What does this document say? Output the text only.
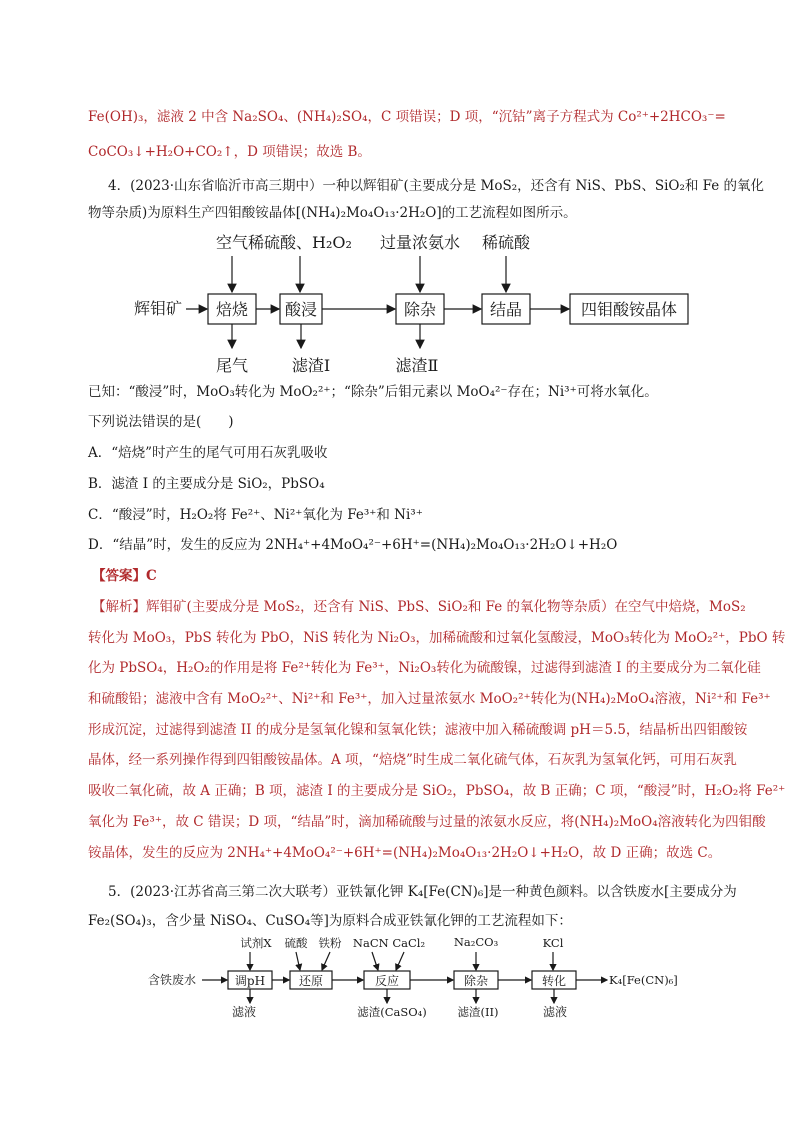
Fe(OH)₃，滤液 2 中含 Na₂SO₄、(NH₄)₂SO₄，C 项错误；D 项，“沉钴”离子方程式为 Co²⁺+2HCO₃⁻=
CoCO₃↓+H₂O+CO₂↑，D 项错误；故选 B。
4．(2023·山东省临沂市高三期中）一种以辉钼矿(主要成分是 MoS₂，还含有 NiS、PbS、SiO₂和 Fe 的氧化
物等杂质)为原料生产四钼酸铵晶体[(NH₄)₂Mo₄O₁₃·2H₂O]的工艺流程如图所示。
空气 稀硫酸、H₂O₂ 过量浓氨水 稀硫酸
辉钼矿 焙烧 酸浸	除杂	结晶	四钼酸铵晶体
尾气	滤渣Ⅰ	滤渣Ⅱ
试剂X 硫酸 铁粉 NaCN CaCl₂ Na₂CO₃	KCl
含铁废水	调pH	还原	反应	除杂	转化	K₄[Fe(CN)₆]
滤液	滤渣(CaSO₄)	滤渣(II)	滤液
已知：“酸浸”时，MoO₃转化为 MoO₂²⁺；“除杂”后钼元素以 MoO₄²⁻存在；Ni³⁺可将水氧化。
下列说法错误的是(　　)
A．“焙烧”时产生的尾气可用石灰乳吸收
B．滤渣 I 的主要成分是 SiO₂，PbSO₄
C．“酸浸”时，H₂O₂将 Fe²⁺、Ni²⁺氧化为 Fe³⁺和 Ni³⁺
D．“结晶”时，发生的反应为 2NH₄⁺+4MoO₄²⁻+6H⁺=(NH₄)₂Mo₄O₁₃·2H₂O↓+H₂O
【答案】C
【解析】辉钼矿(主要成分是 MoS₂，还含有 NiS、PbS、SiO₂和 Fe 的氧化物等杂质）在空气中焙烧，MoS₂
转化为 MoO₃，PbS 转化为 PbO，NiS 转化为 Ni₂O₃，加稀硫酸和过氧化氢酸浸，MoO₃转化为 MoO₂²⁺，PbO 转
化为 PbSO₄，H₂O₂的作用是将 Fe²⁺转化为 Fe³⁺，Ni₂O₃转化为硫酸镍，过滤得到滤渣 I 的主要成分为二氧化硅
和硫酸铅；滤液中含有 MoO₂²⁺、Ni²⁺和 Fe³⁺，加入过量浓氨水 MoO₂²⁺转化为(NH₄)₂MoO₄溶液，Ni²⁺和 Fe³⁺
形成沉淀，过滤得到滤渣 II 的成分是氢氧化镍和氢氧化铁；滤液中加入稀硫酸调 pH＝5.5，结晶析出四钼酸铵
晶体，经一系列操作得到四钼酸铵晶体。A 项，“焙烧”时生成二氧化硫气体，石灰乳为氢氧化钙，可用石灰乳
吸收二氧化硫，故 A 正确；B 项，滤渣 I 的主要成分是 SiO₂，PbSO₄，故 B 正确；C 项，“酸浸”时，H₂O₂将 Fe²⁺
氧化为 Fe³⁺，故 C 错误；D 项，“结晶”时，滴加稀硫酸与过量的浓氨水反应，将(NH₄)₂MoO₄溶液转化为四钼酸
铵晶体，发生的反应为 2NH₄⁺+4MoO₄²⁻+6H⁺=(NH₄)₂Mo₄O₁₃·2H₂O↓+H₂O，故 D 正确；故选 C。
5．(2023·江苏省高三第二次大联考）亚铁氰化钾 K₄[Fe(CN)₆]是一种黄色颜料。以含铁废水[主要成分为
Fe₂(SO₄)₃，含少量 NiSO₄、CuSO₄等]为原料合成亚铁氰化钾的工艺流程如下：
